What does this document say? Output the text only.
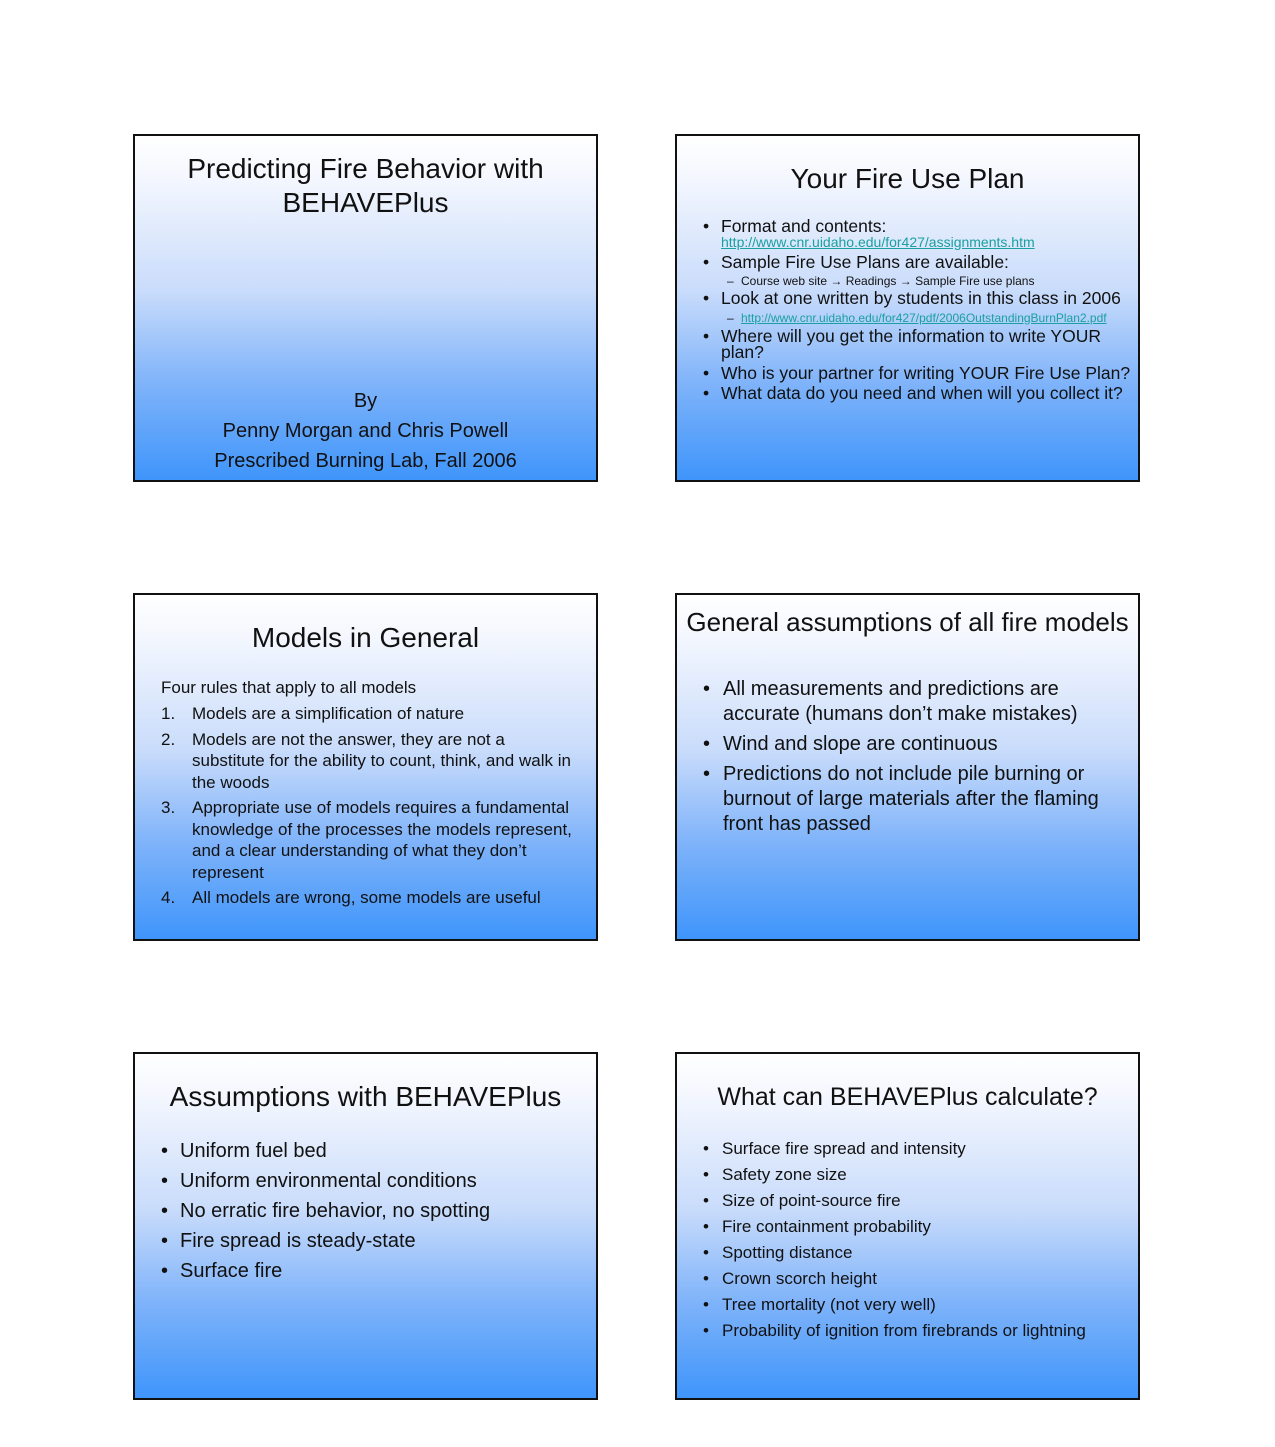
Predicting Fire Behavior with BEHAVEPlus
By
Penny Morgan and Chris Powell
Prescribed Burning Lab, Fall 2006
Your Fire Use Plan
• Format and contents:
http://www.cnr.uidaho.edu/for427/assignments.htm
• Sample Fire Use Plans are available:
– Course web site → Readings → Sample Fire use plans
• Look at one written by students in this class in 2006
– http://www.cnr.uidaho.edu/for427/pdf/2006OutstandingBurnPlan2.pdf
• Where will you get the information to write YOUR plan?
• Who is your partner for writing YOUR Fire Use Plan?
• What data do you need and when will you collect it?
Models in General
Four rules that apply to all models
1. Models are a simplification of nature
2. Models are not the answer, they are not a substitute for the ability to count, think, and walk in the woods
3. Appropriate use of models requires a fundamental knowledge of the processes the models represent, and a clear understanding of what they don’t represent
4. All models are wrong, some models are useful
General assumptions of all fire models
• All measurements and predictions are accurate (humans don’t make mistakes)
• Wind and slope are continuous
• Predictions do not include pile burning or burnout of large materials after the flaming front has passed
Assumptions with BEHAVEPlus
• Uniform fuel bed
• Uniform environmental conditions
• No erratic fire behavior, no spotting
• Fire spread is steady-state
• Surface fire
What can BEHAVEPlus calculate?
• Surface fire spread and intensity
• Safety zone size
• Size of point-source fire
• Fire containment probability
• Spotting distance
• Crown scorch height
• Tree mortality (not very well)
• Probability of ignition from firebrands or lightning
